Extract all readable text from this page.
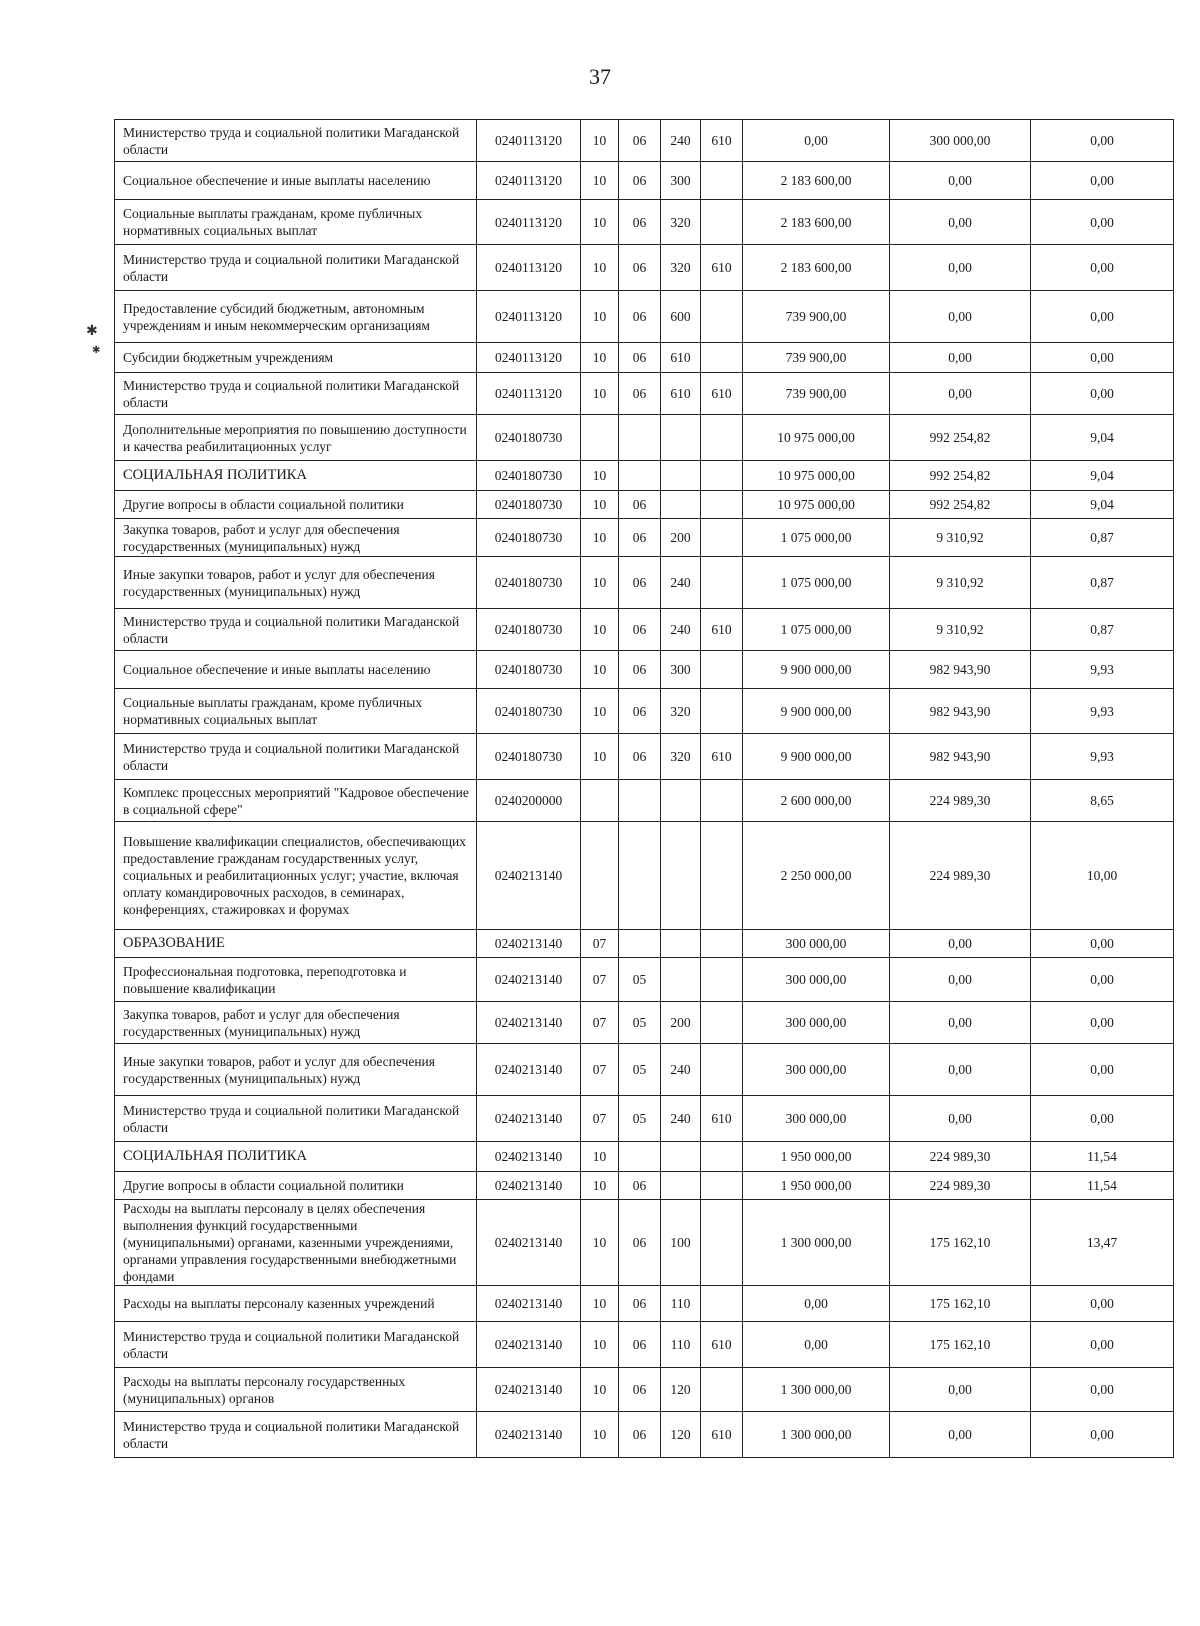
37
✱
✱
Министерство труда и социальной политики Магаданской области	0240113120	10	06	240	610	0,00	300 000,00	0,00
Социальное обеспечение и иные выплаты населению	0240113120	10	06	300		2 183 600,00	0,00	0,00
Социальные выплаты гражданам, кроме публичных нормативных социальных выплат	0240113120	10	06	320		2 183 600,00	0,00	0,00
Министерство труда и социальной политики Магаданской области	0240113120	10	06	320	610	2 183 600,00	0,00	0,00
Предоставление субсидий бюджетным, автономным учреждениям и иным некоммерческим организациям	0240113120	10	06	600		739 900,00	0,00	0,00
Субсидии бюджетным учреждениям	0240113120	10	06	610		739 900,00	0,00	0,00
Министерство труда и социальной политики Магаданской области	0240113120	10	06	610	610	739 900,00	0,00	0,00
Дополнительные мероприятия по повышению доступности и качества реабилитационных услуг	0240180730					10 975 000,00	992 254,82	9,04
СОЦИАЛЬНАЯ ПОЛИТИКА	0240180730	10				10 975 000,00	992 254,82	9,04
Другие вопросы в области социальной политики	0240180730	10	06			10 975 000,00	992 254,82	9,04
Закупка товаров, работ и услуг для обеспечения государственных (муниципальных) нужд	0240180730	10	06	200		1 075 000,00	9 310,92	0,87
Иные закупки товаров, работ и услуг для обеспечения государственных (муниципальных) нужд	0240180730	10	06	240		1 075 000,00	9 310,92	0,87
Министерство труда и социальной политики Магаданской области	0240180730	10	06	240	610	1 075 000,00	9 310,92	0,87
Социальное обеспечение и иные выплаты населению	0240180730	10	06	300		9 900 000,00	982 943,90	9,93
Социальные выплаты гражданам, кроме публичных нормативных социальных выплат	0240180730	10	06	320		9 900 000,00	982 943,90	9,93
Министерство труда и социальной политики Магаданской области	0240180730	10	06	320	610	9 900 000,00	982 943,90	9,93
Комплекс процессных мероприятий "Кадровое обеспечение в социальной сфере"	0240200000					2 600 000,00	224 989,30	8,65
Повышение квалификации специалистов, обеспечивающих предоставление гражданам государственных услуг, социальных и реабилитационных услуг; участие, включая оплату командировочных расходов, в семинарах, конференциях, стажировках и форумах	0240213140					2 250 000,00	224 989,30	10,00
ОБРАЗОВАНИЕ	0240213140	07				300 000,00	0,00	0,00
Профессиональная подготовка, переподготовка и повышение квалификации	0240213140	07	05			300 000,00	0,00	0,00
Закупка товаров, работ и услуг для обеспечения государственных (муниципальных) нужд	0240213140	07	05	200		300 000,00	0,00	0,00
Иные закупки товаров, работ и услуг для обеспечения государственных (муниципальных) нужд	0240213140	07	05	240		300 000,00	0,00	0,00
Министерство труда и социальной политики Магаданской области	0240213140	07	05	240	610	300 000,00	0,00	0,00
СОЦИАЛЬНАЯ ПОЛИТИКА	0240213140	10				1 950 000,00	224 989,30	11,54
Другие вопросы в области социальной политики	0240213140	10	06			1 950 000,00	224 989,30	11,54
Расходы на выплаты персоналу в целях обеспечения выполнения функций государственными (муниципальными) органами, казенными учреждениями, органами управления государственными внебюджетными фондами	0240213140	10	06	100		1 300 000,00	175 162,10	13,47
Расходы на выплаты персоналу казенных учреждений	0240213140	10	06	110		0,00	175 162,10	0,00
Министерство труда и социальной политики Магаданской области	0240213140	10	06	110	610	0,00	175 162,10	0,00
Расходы на выплаты персоналу государственных (муниципальных) органов	0240213140	10	06	120		1 300 000,00	0,00	0,00
Министерство труда и социальной политики Магаданской области	0240213140	10	06	120	610	1 300 000,00	0,00	0,00
